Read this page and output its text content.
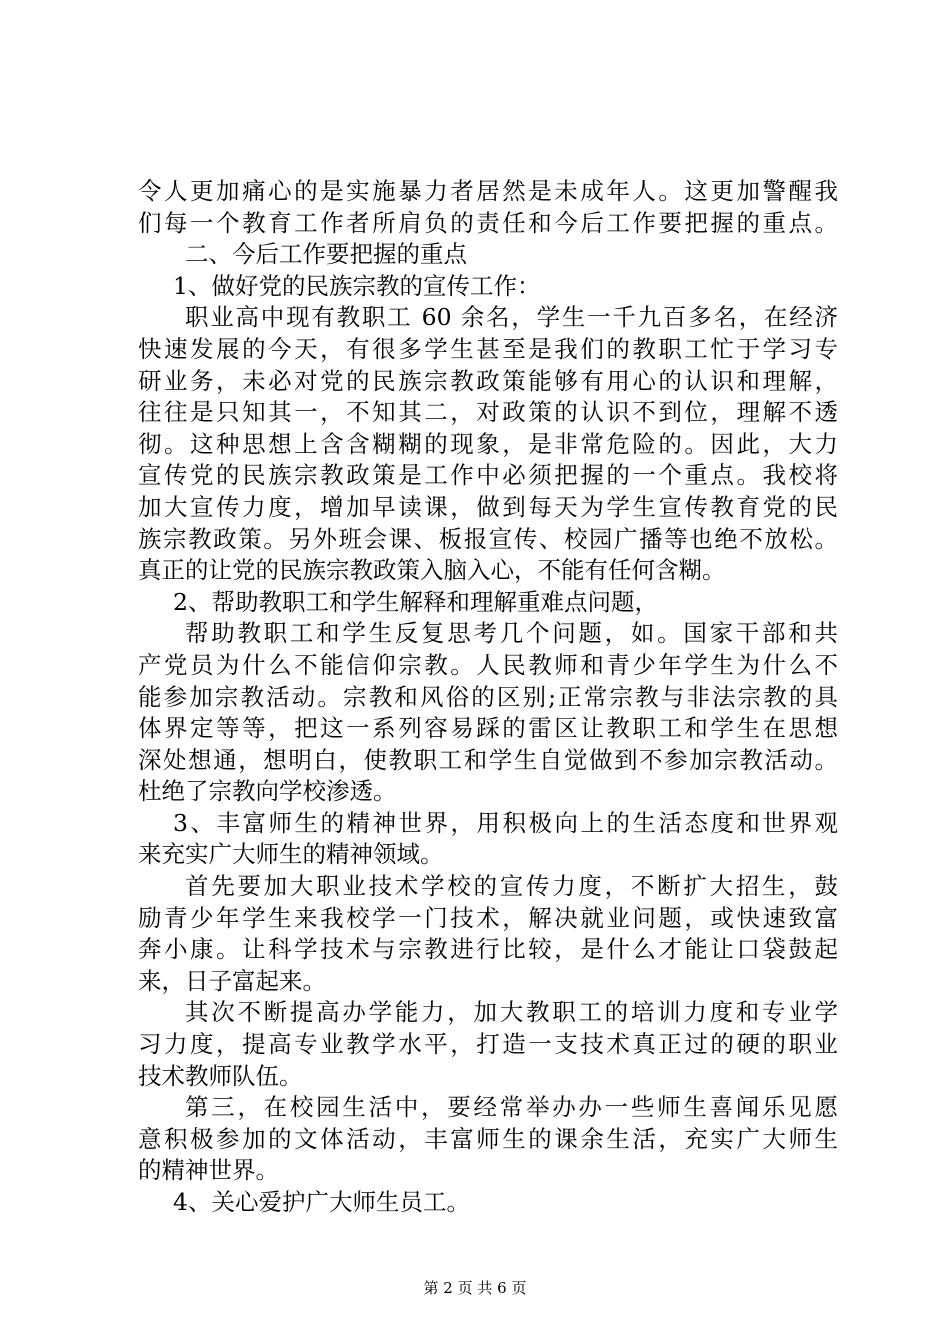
令人更加痛心的是实施暴力者居然是未成年人。这更加警醒我
们每一个教育工作者所肩负的责任和今后工作要把握的重点。
二、今后工作要把握的重点
1、做好党的民族宗教的宣传工作：
职业高中现有教职工 60 余名，学生一千九百多名，在经济
快速发展的今天，有很多学生甚至是我们的教职工忙于学习专
研业务，未必对党的民族宗教政策能够有用心的认识和理解，
往往是只知其一，不知其二，对政策的认识不到位，理解不透
彻。这种思想上含含糊糊的现象，是非常危险的。因此，大力
宣传党的民族宗教政策是工作中必须把握的一个重点。我校将
加大宣传力度，增加早读课，做到每天为学生宣传教育党的民
族宗教政策。另外班会课、板报宣传、校园广播等也绝不放松。
真正的让党的民族宗教政策入脑入心，不能有任何含糊。
2、帮助教职工和学生解释和理解重难点问题，
帮助教职工和学生反复思考几个问题，如。国家干部和共
产党员为什么不能信仰宗教。人民教师和青少年学生为什么不
能参加宗教活动。宗教和风俗的区别;正常宗教与非法宗教的具
体界定等等，把这一系列容易踩的雷区让教职工和学生在思想
深处想通，想明白，使教职工和学生自觉做到不参加宗教活动。
杜绝了宗教向学校渗透。
3、丰富师生的精神世界，用积极向上的生活态度和世界观
来充实广大师生的精神领域。
首先要加大职业技术学校的宣传力度，不断扩大招生，鼓
励青少年学生来我校学一门技术，解决就业问题，或快速致富
奔小康。让科学技术与宗教进行比较，是什么才能让口袋鼓起
来，日子富起来。
其次不断提高办学能力，加大教职工的培训力度和专业学
习力度，提高专业教学水平，打造一支技术真正过的硬的职业
技术教师队伍。
第三，在校园生活中，要经常举办办一些师生喜闻乐见愿
意积极参加的文体活动，丰富师生的课余生活，充实广大师生
的精神世界。
4、关心爱护广大师生员工。
第 2 页 共 6 页
